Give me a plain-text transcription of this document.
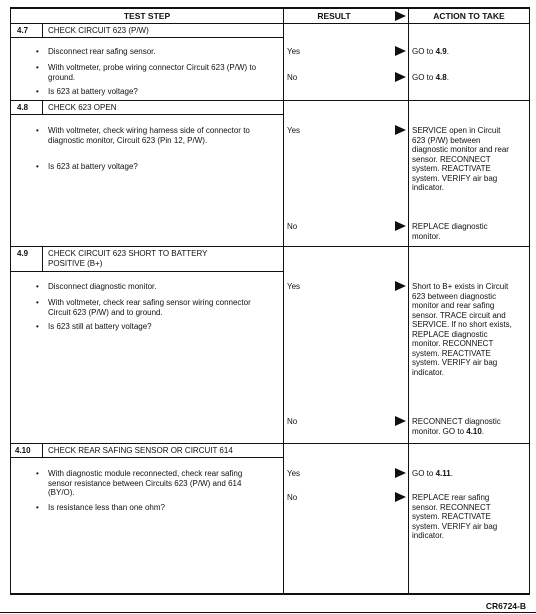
TEST STEP	RESULT	ACTION TO TAKE
4.7 CHECK CIRCUIT 623 (P/W)
• Disconnect rear safing sensor.
• With voltmeter, probe wiring connector Circuit 623 (P/W) to ground.
• Is 623 at battery voltage?
Yes	GO to 4.9.
No	GO to 4.8.
4.8 CHECK 623 OPEN
• With voltmeter, check wiring harness side of connector to diagnostic monitor, Circuit 623 (Pin 12, P/W).
• Is 623 at battery voltage?
Yes	SERVICE open in Circuit 623 (P/W) between diagnostic monitor and rear sensor. RECONNECT system. REACTIVATE system. VERIFY air bag indicator.
No	REPLACE diagnostic monitor.
4.9 CHECK CIRCUIT 623 SHORT TO BATTERY
POSITIVE (B+)
• Disconnect diagnostic monitor.
• With voltmeter, check rear safing sensor wiring connector Circuit 623 (P/W) and to ground.
• Is 623 still at battery voltage?
Yes	Short to B+ exists in Circuit 623 between diagnostic monitor and rear safing sensor. TRACE circuit and SERVICE. If no short exists, REPLACE diagnostic monitor. RECONNECT system. REACTIVATE system. VERIFY air bag indicator.
No	RECONNECT diagnostic monitor. GO to 4.10.
4.10 CHECK REAR SAFING SENSOR OR CIRCUIT 614
• With diagnostic module reconnected, check rear safing sensor resistance between Circuits 623 (P/W) and 614 (BY/O).
• Is resistance less than one ohm?
Yes	GO to 4.11.
No	REPLACE rear safing sensor. RECONNECT system. REACTIVATE system. VERIFY air bag indicator.
CR6724-B
